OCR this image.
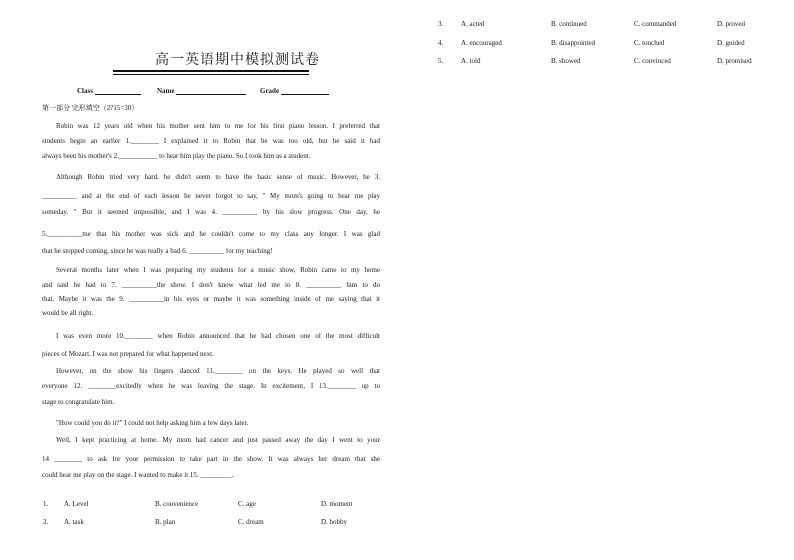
高一英语期中模拟测试卷
Class	Name	Grade
第一部分 完形填空（2?15=30）
Robin was 12 years old when his mother sent him to me for his first piano lesson. I preferred that
students begin an earlier 1.________ I explained it to Robin that he was too old, but he said it had
always been his mother's 2.___________ to hear him play the piano. So I took him as a student.
Although Robin tried very hard, he didn't seem to have the basic sense of music. However, he 3.
__________ and at the end of each lesson he never forgot to say, " My mom's going to hear me play
someday. " But it seemed impossible, and I was 4. __________ by his slow progress. One day, he
5.__________me that his mother was sick and he couldn't come to my class any longer. I was glad
that he stopped coming, since he was really a bad 6. __________ for my teaching!
Several months later when I was preparing my students for a music show, Robin came to my home
and said he had to 7. __________the show. I don't know what led me to 8. __________ him to do
that. Maybe it was the 9. __________in his eyes or maybe it was something inside of me saying that it
would be all right.
I was even more 10.________ when Robin announced that he had chosen one of the most difficult
pieces of Mozart. I was not prepared for what happened next.
However, on the show his fingers danced 11.________ on the keys. He played so well that
everyone 12. ________excitedly when he was leaving the stage. In excitement, I 13.________ up to
stage to congratulate him.
"How could you do it?" I could not help asking him a few days later.
Well, I kept practicing at home. My mom had cancer and just passed away the day I went to your
14 ________ to ask for your permission to take part in the show. It was always her dream that she
could hear me play on the stage. I wanted to make it 15. _________.
1. A. Level	B. convenience	C. age	D. moment
2. A. task	B. plan	C. dream	D. hobby
3.	A. acted	B. continued	C. commanded	D. proved
4.	A. encouraged	B. disappointed	C. touched	D. guided
5.	A. told	B. showed	C. convinced	D. promised
